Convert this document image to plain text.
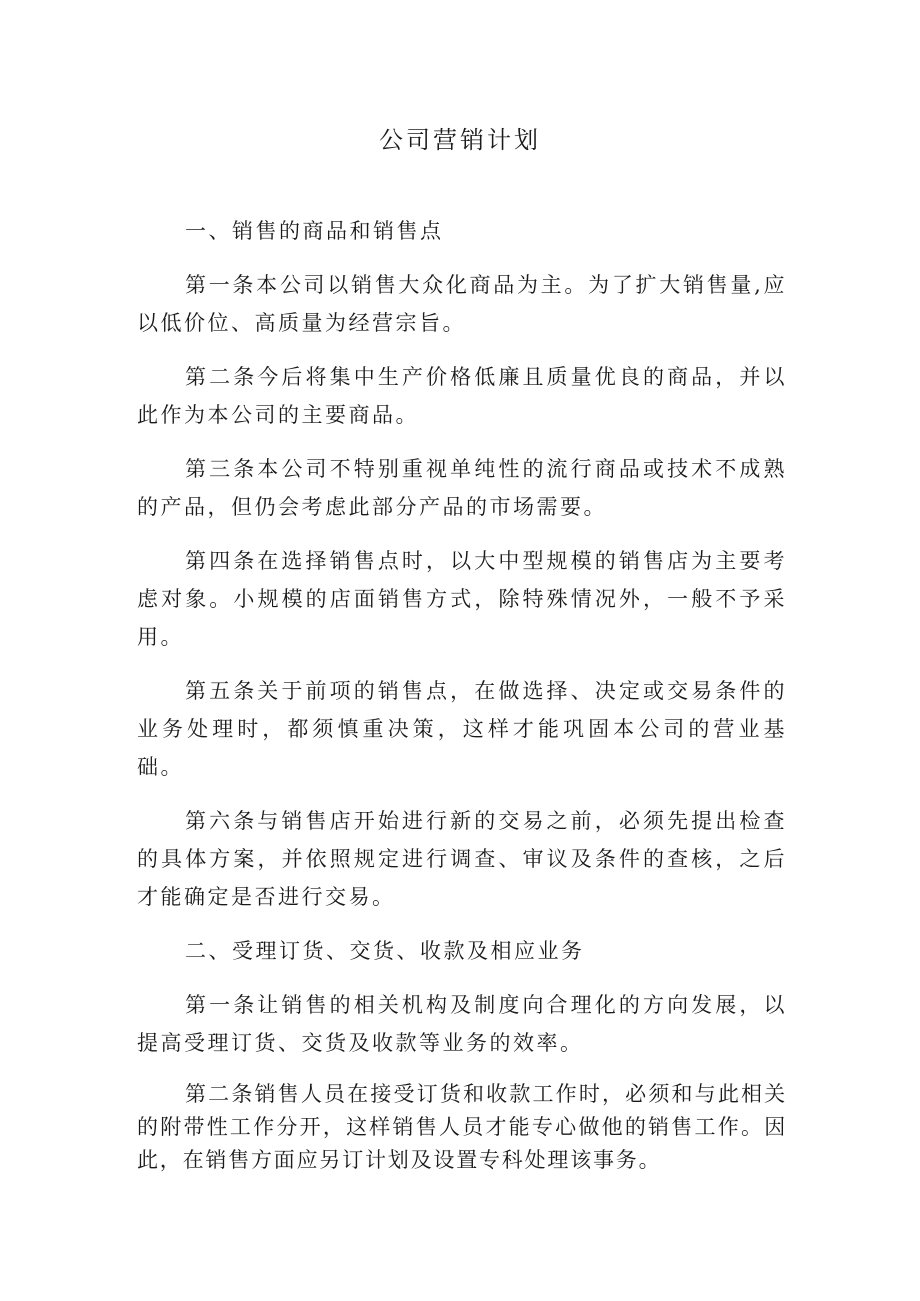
公司营销计划

一、销售的商品和销售点

第一条本公司以销售大众化商品为主。为了扩大销售量,应以低价位、高质量为经营宗旨。

第二条今后将集中生产价格低廉且质量优良的商品，并以此作为本公司的主要商品。

第三条本公司不特别重视单纯性的流行商品或技术不成熟的产品，但仍会考虑此部分产品的市场需要。

第四条在选择销售点时，以大中型规模的销售店为主要考虑对象。小规模的店面销售方式，除特殊情况外，一般不予采用。

第五条关于前项的销售点，在做选择、决定或交易条件的业务处理时，都须慎重决策，这样才能巩固本公司的营业基础。

第六条与销售店开始进行新的交易之前，必须先提出检查的具体方案，并依照规定进行调查、审议及条件的查核，之后才能确定是否进行交易。

二、受理订货、交货、收款及相应业务

第一条让销售的相关机构及制度向合理化的方向发展，以提高受理订货、交货及收款等业务的效率。

第二条销售人员在接受订货和收款工作时，必须和与此相关的附带性工作分开，这样销售人员才能专心做他的销售工作。因此，在销售方面应另订计划及设置专科处理该事务。
